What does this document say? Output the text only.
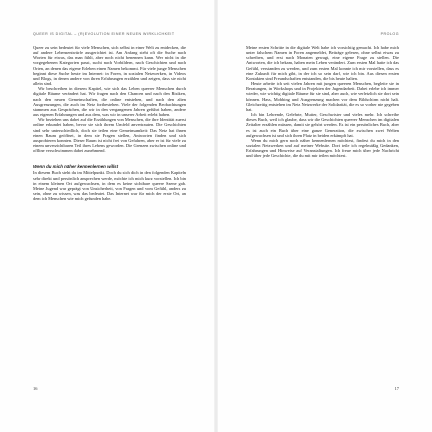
QUEER IS DIGITAL – (R)EVOLUTION EINER NEUEN WIRKLICHKEIT

Queer zu sein bedeutet für viele Menschen, sich selbst in einer Welt zu entdecken, die auf andere Lebensentwürfe ausgerichtet ist. Am Anfang steht oft die Suche nach Worten für etwas, das man fühlt, aber noch nicht benennen kann. Wer nicht in die vorgegebenen Kategorien passt, sucht nach Vorbildern, nach Geschichten und nach Orten, an denen das eigene Erleben einen Namen bekommt. Für viele junge Menschen beginnt diese Suche heute im Internet: in Foren, in sozialen Netzwerken, in Videos und Blogs, in denen andere von ihren Erfahrungen erzählen und zeigen, dass sie nicht allein sind.

Wir beschreiben in diesem Kapitel, wie sich das Leben queerer Menschen durch digitale Räume verändert hat. Wir fragen nach den Chancen und nach den Risiken, nach den neuen Gemeinschaften, die online entstehen, und nach den alten Ausgrenzungen, die auch im Netz fortbestehen. Viele der folgenden Beobachtungen stammen aus Gesprächen, die wir in den vergangenen Jahren geführt haben, andere aus eigenen Erfahrungen und aus dem, was wir in unserer Arbeit erlebt haben.

Wir beziehen uns dabei auf die Erzählungen von Menschen, die ihre Identität zuerst online erkundet haben, bevor sie sich ihrem Umfeld anvertrauten. Die Geschichten sind sehr unterschiedlich, doch sie teilen eine Gemeinsamkeit: Das Netz hat ihnen einen Raum geöffnet, in dem sie Fragen stellen, Antworten finden und sich ausprobieren konnten. Dieser Raum ist nicht frei von Gefahren, aber er ist für viele zu einem unverzichtbaren Teil ihres Lebens geworden. Die Grenzen zwischen online und offline verschwimmen dabei zunehmend.

Wenn du mich näher kennenlernen willst

In diesem Buch steht du im Mittelpunkt. Doch du sich dich in den folgenden Kapiteln sehr direkt und persönlich ansprechen werde, möchte ich mich kurz vorstellen. Ich bin in einem kleinen Ort aufgewachsen, in dem es keine sichtbare queere Szene gab. Meine Jugend war geprägt von Unsicherheit, von Fragen und vom Gefühl, anders zu sein, ohne zu wissen, was das bedeutet. Das Internet war für mich der erste Ort, an dem ich Menschen wie mich gefunden habe.

16
PROLOG

Meine ersten Schritte in die digitale Welt habe ich vorsichtig gemacht. Ich habe mich unter falschem Namen in Foren angemeldet, Beiträge gelesen, ohne selbst etwas zu schreiben, und erst nach Monaten gewagt, eine eigene Frage zu stellen. Die Antworten, die ich bekam, haben mein Leben verändert. Zum ersten Mal hatte ich das Gefühl, verstanden zu werden, und zum ersten Mal konnte ich mir vorstellen, dass es eine Zukunft für mich gibt, in der ich so sein darf, wie ich bin. Aus diesen ersten Kontakten sind Freundschaften entstanden, die bis heute halten.

Heute arbeite ich seit vielen Jahren mit jungen queeren Menschen, begleite sie in Beratungen, in Workshops und in Projekten der Jugendarbeit. Dabei erlebe ich immer wieder, wie wichtig digitale Räume für sie sind, aber auch, wie verletzlich sie dort sein können. Hass, Mobbing und Ausgrenzung machen vor dem Bildschirm nicht halt. Gleichzeitig entstehen im Netz Netzwerke der Solidarität, die es so vorher nie gegeben hat.

Ich bin Lehrende, Gelehrte, Mutter, Geschwister und vieles mehr. Ich schreibe dieses Buch, weil ich glaube, dass wir die Geschichten queerer Menschen im digitalen Zeitalter erzählen müssen, damit sie gehört werden. Es ist ein persönliches Buch, aber es ist auch ein Buch über eine ganze Generation, die zwischen zwei Welten aufgewachsen ist und sich ihren Platz in beiden erkämpft hat.

Wenn du mich gern noch näher kennenlernen möchtest, findest du mich in den sozialen Netzwerken und auf meiner Website. Dort teile ich regelmäßig Gedanken, Erfahrungen und Hinweise auf Veranstaltungen. Ich freue mich über jede Nachricht und über jede Geschichte, die du mit mir teilen möchtest.

17
